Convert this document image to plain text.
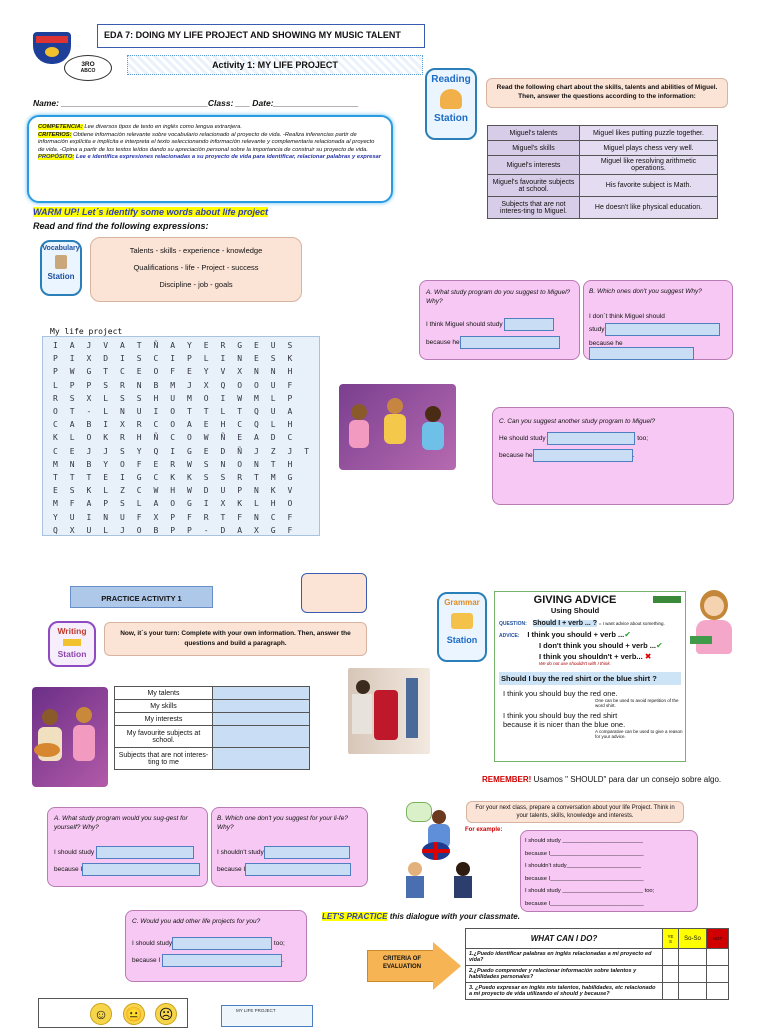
EDA 7: DOING MY LIFE PROJECT AND SHOWING MY MUSIC TALENT
3RO
ABCO
Activity 1: MY LIFE PROJECT
Name: _______________________________Class: ___ Date:__________________
COMPETENCIA: Lee diversos tipos de texto en inglés como lengua extranjera.
CRITERIOS: Obtiene información relevante sobre vocabulario relacionado al proyecto de vida. -Realiza inferencias partir de información explícita e implícita e interpreta el texto seleccionando información relevante y complementaria relacionada al proyecto de vida. -Opina a partir de los textos leídos dando su apreciación personal sobre la importancia de construir su proyecto de vida.
PROPÓSITO: Lee e identifica expresiones relacionadas a su proyecto de vida para identificar, relacionar palabras y expresar
WARM UP! Let´s identify some words about life project
Read and find the following expressions:
Vocabulary
Station
Talents - skills - experience - knowledge
Qualifications - life - Project - success
Discipline - job - goals
My life project
I	A	J	V	A	T	Ñ	A	Y	E	R	G	E	U	S	
P	I	X	D	I	S	C	I	P	L	I	N	E	S	K	
P	W	G	T	C	E	O	F	E	Y	V	X	N	N	H	
L	P	P	S	R	N	B	M	J	X	Q	O	O	U	F	
R	S	X	L	S	S	H	U	M	O	I	W	M	L	P	
O	T	-	L	N	U	I	O	T	T	L	T	Q	U	A	
C	A	B	I	X	R	C	O	A	E	H	C	Q	L	H	
K	L	O	K	R	H	Ñ	C	O	W	Ñ	E	A	D	C	
C	E	J	J	S	Y	Q	I	G	E	D	Ñ	J	Z	J	T
M	N	B	Y	O	F	E	R	W	S	N	O	N	T	H	
T	T	T	E	I	G	C	K	K	S	S	R	T	M	G	
E	S	K	L	Z	C	W	H	W	D	U	P	N	K	V	
M	F	A	P	S	L	A	O	G	I	X	K	L	H	O	
Y	U	I	N	U	F	X	P	F	R	T	F	N	C	F	
Q	X	U	L	J	O	B	P	P	-	D	A	X	G	F	
Reading
Station
Read the following chart about the skills, talents and abilities of Miguel. Then, answer the questions according to the information:
Miguel's talents	Miguel likes putting puzzle together.
Miguel's skills	Miguel plays chess very well.
Miguel's interests	Miguel like resolving arithmetic operations.
Miguel's favourite subjects at school.	His favorite subject is Math.
Subjects that are not interes-ting to Miguel.	He doesn't like physical education.
A. What study program do you suggest to Miguel? Why?
I think Miguel should study
because he
B. Which ones don't you suggest Why?
I don´t think Miguel should
study
because he
C. Can you suggest another study program to Miguel?
He should study	too;
because he	.
PRACTICE ACTIVITY 1
Writing
Station
Now, it´s your turn: Complete with your own information. Then, answer the questions and build a paragraph.
My talents	
My skills	
My interests	
My favourite subjects at school.	
Subjects that are not interes-ting to me	
Grammar
Station
GIVING ADVICE
Using Should
QUESTION: Should I + verb ... ? = I want advice about something.
ADVICE: I think you should + verb ...✔
I don't think you should + verb ...✔
I think you shouldn't + verb... ✖
We do not use shouldn't with I think.
Should I buy the red shirt or the blue shirt ?
I think you should buy the red one.
One can be used to avoid repetition of the word shirt.
I think you should buy the red shirt because it is nicer than the blue one.
A comparative can be used to give a reason for your advice.
REMEMBER! Usamos " SHOULD" para dar un consejo sobre algo.
A. What study program would you sug-gest for yourself? Why?
I should study
because I
B. Which one don't you suggest for your li-fe? Why?
I shouldn't study
because I
C. Would you add other life projects for you?
I should study	too;
because I	.
For your next class, prepare a conversation about your life Project. Think in your talents, skills, knowledge and interests.
For example:
I should study _________________________
because I_____________________________
I shouldn't study_______________________
because I_____________________________
I should study _________________________ too;
because I_____________________________
LET'S PRACTICE this dialogue with your classmate.
CRITERIA OF EVALUATION
WHAT CAN I DO?	YE S	So-So	NOT
1.¿Puedo identificar palabras en inglés relacionadas a mi proyecto ed vida?			
2.¿Puedo comprender y relacionar información sobre talentos y habilidades personales?			
3. ¿Puedo expresar en inglés mis talentos, habilidades, etc relacionado a mi proyecto de vida utilizando el should y because?			
☺ 😐 ☹	MY LIFE PROJECT
